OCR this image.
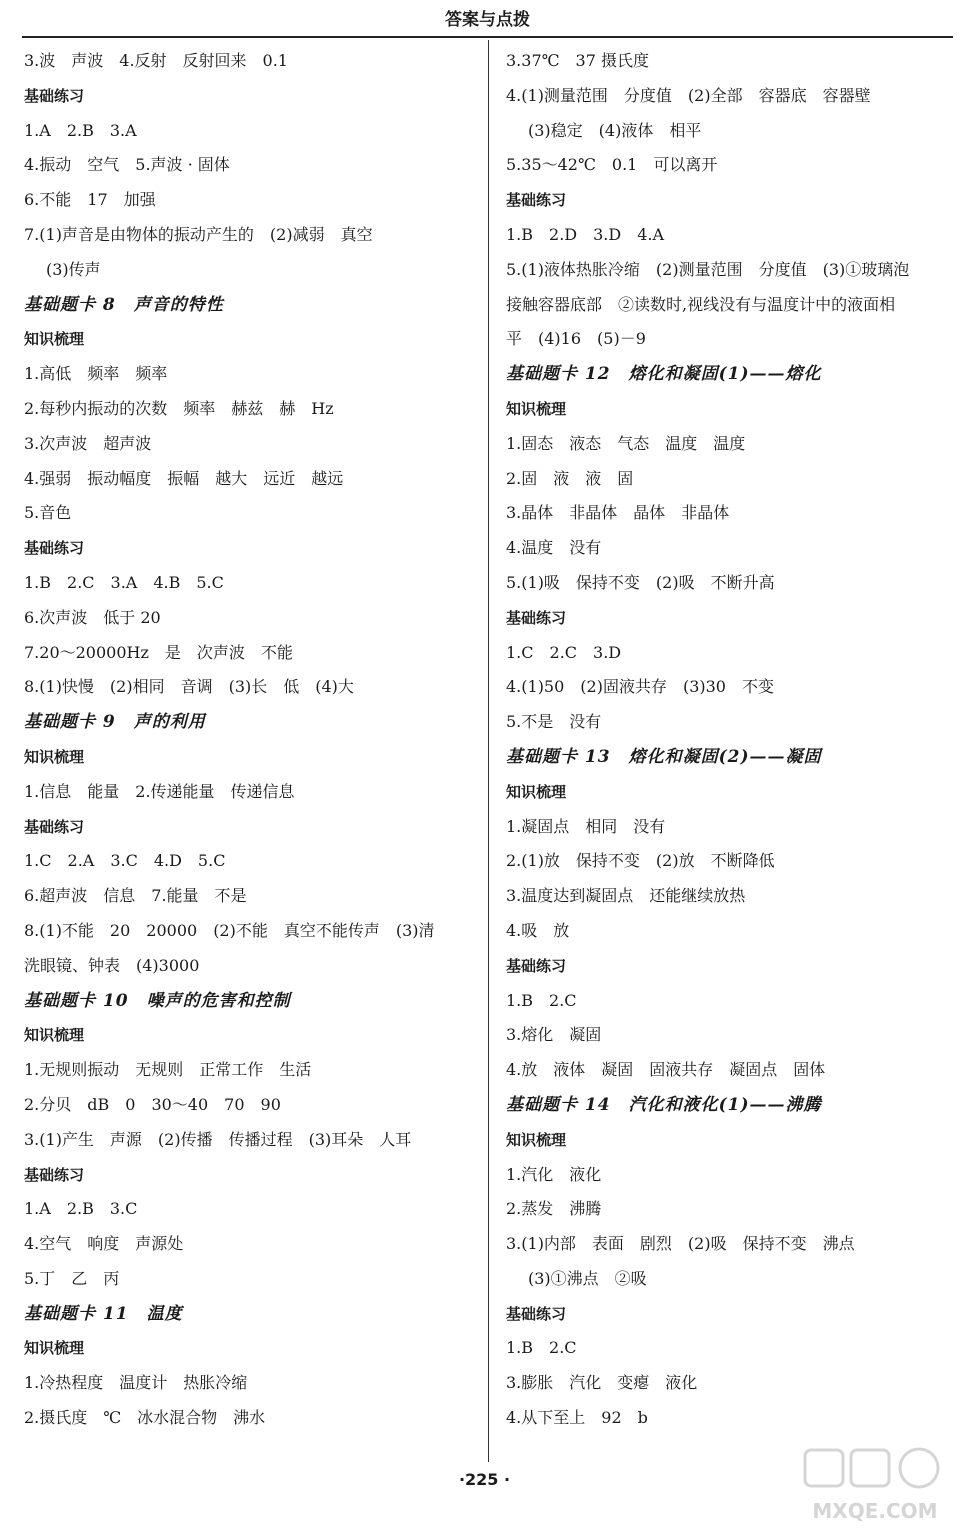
答案与点拨
3.波　声波　4.反射　反射回来　0.1
基础练习
1.A　2.B　3.A
4.振动　空气　5.声波 · 固体
6.不能　17　加强
7.(1)声音是由物体的振动产生的　(2)减弱　真空
(3)传声
基础题卡 8　声音的特性
知识梳理
1.高低　频率　频率
2.每秒内振动的次数　频率　赫兹　赫　Hz
3.次声波　超声波
4.强弱　振动幅度　振幅　越大　远近　越远
5.音色
基础练习
1.B　2.C　3.A　4.B　5.C
6.次声波　低于 20
7.20～20000Hz　是　次声波　不能
8.(1)快慢　(2)相同　音调　(3)长　低　(4)大
基础题卡 9　声的利用
知识梳理
1.信息　能量　2.传递能量　传递信息
基础练习
1.C　2.A　3.C　4.D　5.C
6.超声波　信息　7.能量　不是
8.(1)不能　20　20000　(2)不能　真空不能传声　(3)清
洗眼镜、钟表　(4)3000
基础题卡 10　噪声的危害和控制
知识梳理
1.无规则振动　无规则　正常工作　生活
2.分贝　dB　0　30～40　70　90
3.(1)产生　声源　(2)传播　传播过程　(3)耳朵　人耳
基础练习
1.A　2.B　3.C
4.空气　响度　声源处
5.丁　乙　丙
基础题卡 11　温度
知识梳理
1.冷热程度　温度计　热胀冷缩
2.摄氏度　℃　冰水混合物　沸水
3.37℃　37 摄氏度
4.(1)测量范围　分度值　(2)全部　容器底　容器壁
(3)稳定　(4)液体　相平
5.35～42℃　0.1　可以离开
基础练习
1.B　2.D　3.D　4.A
5.(1)液体热胀冷缩　(2)测量范围　分度值　(3)①玻璃泡
接触容器底部　②读数时,视线没有与温度计中的液面相
平　(4)16　(5)－9
基础题卡 12　熔化和凝固(1)——熔化
知识梳理
1.固态　液态　气态　温度　温度
2.固　液　液　固
3.晶体　非晶体　晶体　非晶体
4.温度　没有
5.(1)吸　保持不变　(2)吸　不断升高
基础练习
1.C　2.C　3.D
4.(1)50　(2)固液共存　(3)30　不变
5.不是　没有
基础题卡 13　熔化和凝固(2)——凝固
知识梳理
1.凝固点　相同　没有
2.(1)放　保持不变　(2)放　不断降低
3.温度达到凝固点　还能继续放热
4.吸　放
基础练习
1.B　2.C
3.熔化　凝固
4.放　液体　凝固　固液共存　凝固点　固体
基础题卡 14　汽化和液化(1)——沸腾
知识梳理
1.汽化　液化
2.蒸发　沸腾
3.(1)内部　表面　剧烈　(2)吸　保持不变　沸点
(3)①沸点　②吸
基础练习
1.B　2.C
3.膨胀　汽化　变瘪　液化
4.从下至上　92　b
·225 ·
MXQE.COM
